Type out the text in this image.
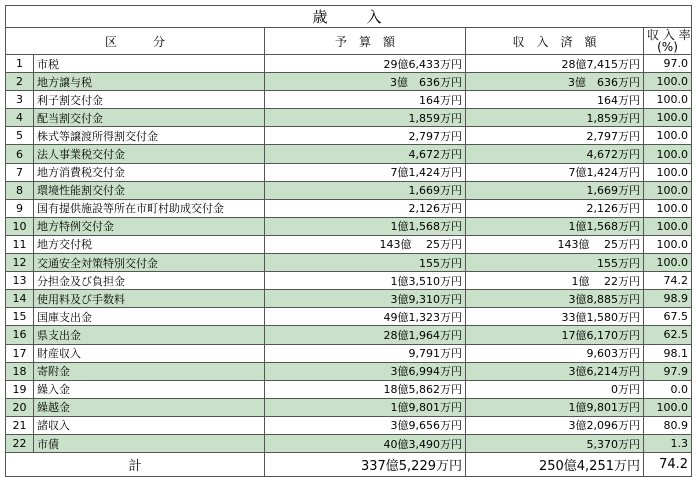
歳　　入				
区　　　分		予　算　額	収　入　済　額	収 入 率
(%)

1	市税	29億6,433万円	28億7,415万円	97.0
2	地方譲与税	3億　636万円	3億　636万円	100.0
3	利子割交付金	164万円	164万円	100.0
4	配当割交付金	1,859万円	1,859万円	100.0
5	株式等譲渡所得割交付金	2,797万円	2,797万円	100.0
6	法人事業税交付金	4,672万円	4,672万円	100.0
7	地方消費税交付金	7億1,424万円	7億1,424万円	100.0
8	環境性能割交付金	1,669万円	1,669万円	100.0
9	国有提供施設等所在市町村助成交付金	2,126万円	2,126万円	100.0
10	地方特例交付金	1億1,568万円	1億1,568万円	100.0
11	地方交付税	143億　 25万円	143億　 25万円	100.0
12	交通安全対策特別交付金	155万円	155万円	100.0
13	分担金及び負担金	1億3,510万円	1億　 22万円	74.2
14	使用料及び手数料	3億9,310万円	3億8,885万円	98.9
15	国庫支出金	49億1,323万円	33億1,580万円	67.5
16	県支出金	28億1,964万円	17億6,170万円	62.5
17	財産収入	9,791万円	9,603万円	98.1
18	寄附金	3億6,994万円	3億6,214万円	97.9
19	繰入金	18億5,862万円	0万円	0.0
20	繰越金	1億9,801万円	1億9,801万円	100.0
21	諸収入	3億9,656万円	3億2,096万円	80.9
22	市債	40億3,490万円	5,370万円	1.3
計		337億5,229万円	250億4,251万円	74.2
